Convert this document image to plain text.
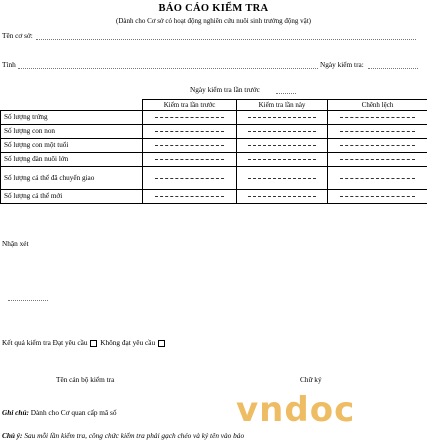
BÁO CÁO KIỂM TRA
(Dành cho Cơ sở có hoạt động nghiên cứu nuôi sinh trưởng động vật)
Tên cơ sở:
Tỉnh	Ngày kiểm tra:
Ngày kiểm tra lần trước
	Kiểm tra lần trước	Kiểm tra lần này	Chênh lệch
Số lượng trứng	

Số lượng con non	

Số lượng con một tuổi	

Số lượng đàn nuôi lớn	

Số lượng cá thể đã chuyển giao	

Số lượng cá thể mới	

Nhận xét
Kết quả kiểm tra Đạt yêu cầu Không đạt yêu cầu
Tên cán bộ kiểm tra	Chữ ký
vndoc
Ghi chú: Dành cho Cơ quan cấp mã số
Chú ý: Sau mỗi lần kiểm tra, công chức kiểm tra phải gạch chéo và ký tên vào báo
